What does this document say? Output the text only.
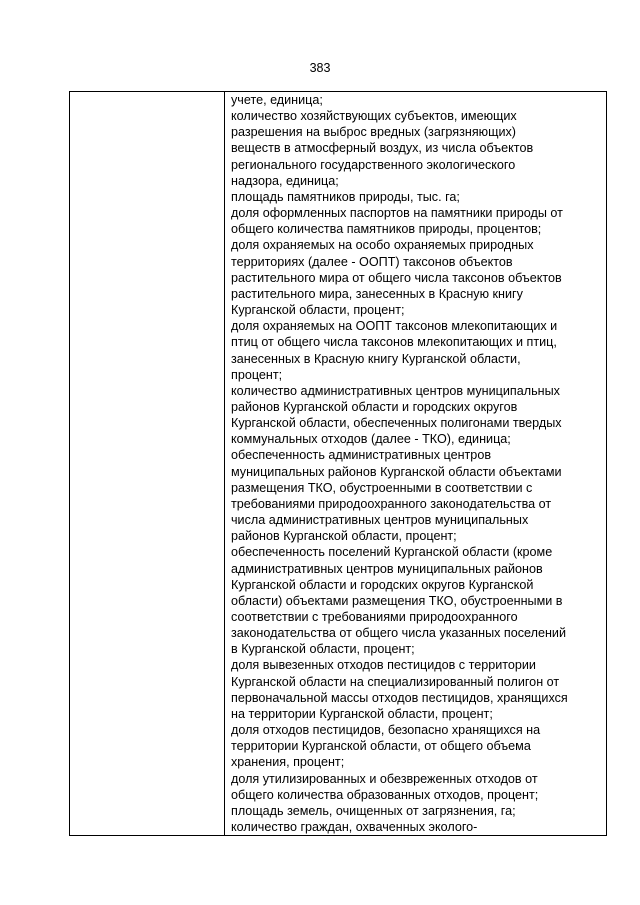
383

учете, единица;
количество хозяйствующих субъектов, имеющих
разрешения на выброс вредных (загрязняющих)
веществ в атмосферный воздух, из числа объектов
регионального государственного экологического
надзора, единица;
площадь памятников природы, тыс. га;
доля оформленных паспортов на памятники природы от
общего количества памятников природы, процентов;
доля охраняемых на особо охраняемых природных
территориях (далее - ООПТ) таксонов объектов
растительного мира от общего числа таксонов объектов
растительного мира, занесенных в Красную книгу
Курганской области, процент;
доля охраняемых на ООПТ таксонов млекопитающих и
птиц от общего числа таксонов млекопитающих и птиц,
занесенных в Красную книгу Курганской области,
процент;
количество административных центров муниципальных
районов Курганской области и городских округов
Курганской области, обеспеченных полигонами твердых
коммунальных отходов (далее - ТКО), единица;
обеспеченность административных центров
муниципальных районов Курганской области объектами
размещения ТКО, обустроенными в соответствии с
требованиями природоохранного законодательства от
числа административных центров муниципальных
районов Курганской области, процент;
обеспеченность поселений Курганской области (кроме
административных центров муниципальных районов
Курганской области и городских округов Курганской
области) объектами размещения ТКО, обустроенными в
соответствии с требованиями природоохранного
законодательства от общего числа указанных поселений
в Курганской области, процент;
доля вывезенных отходов пестицидов с территории
Курганской области на специализированный полигон от
первоначальной массы отходов пестицидов, хранящихся
на территории Курганской области, процент;
доля отходов пестицидов, безопасно хранящихся на
территории Курганской области, от общего объема
хранения, процент;
доля утилизированных и обезвреженных отходов от
общего количества образованных отходов, процент;
площадь земель, очищенных от загрязнения, га;
количество граждан, охваченных эколого-
